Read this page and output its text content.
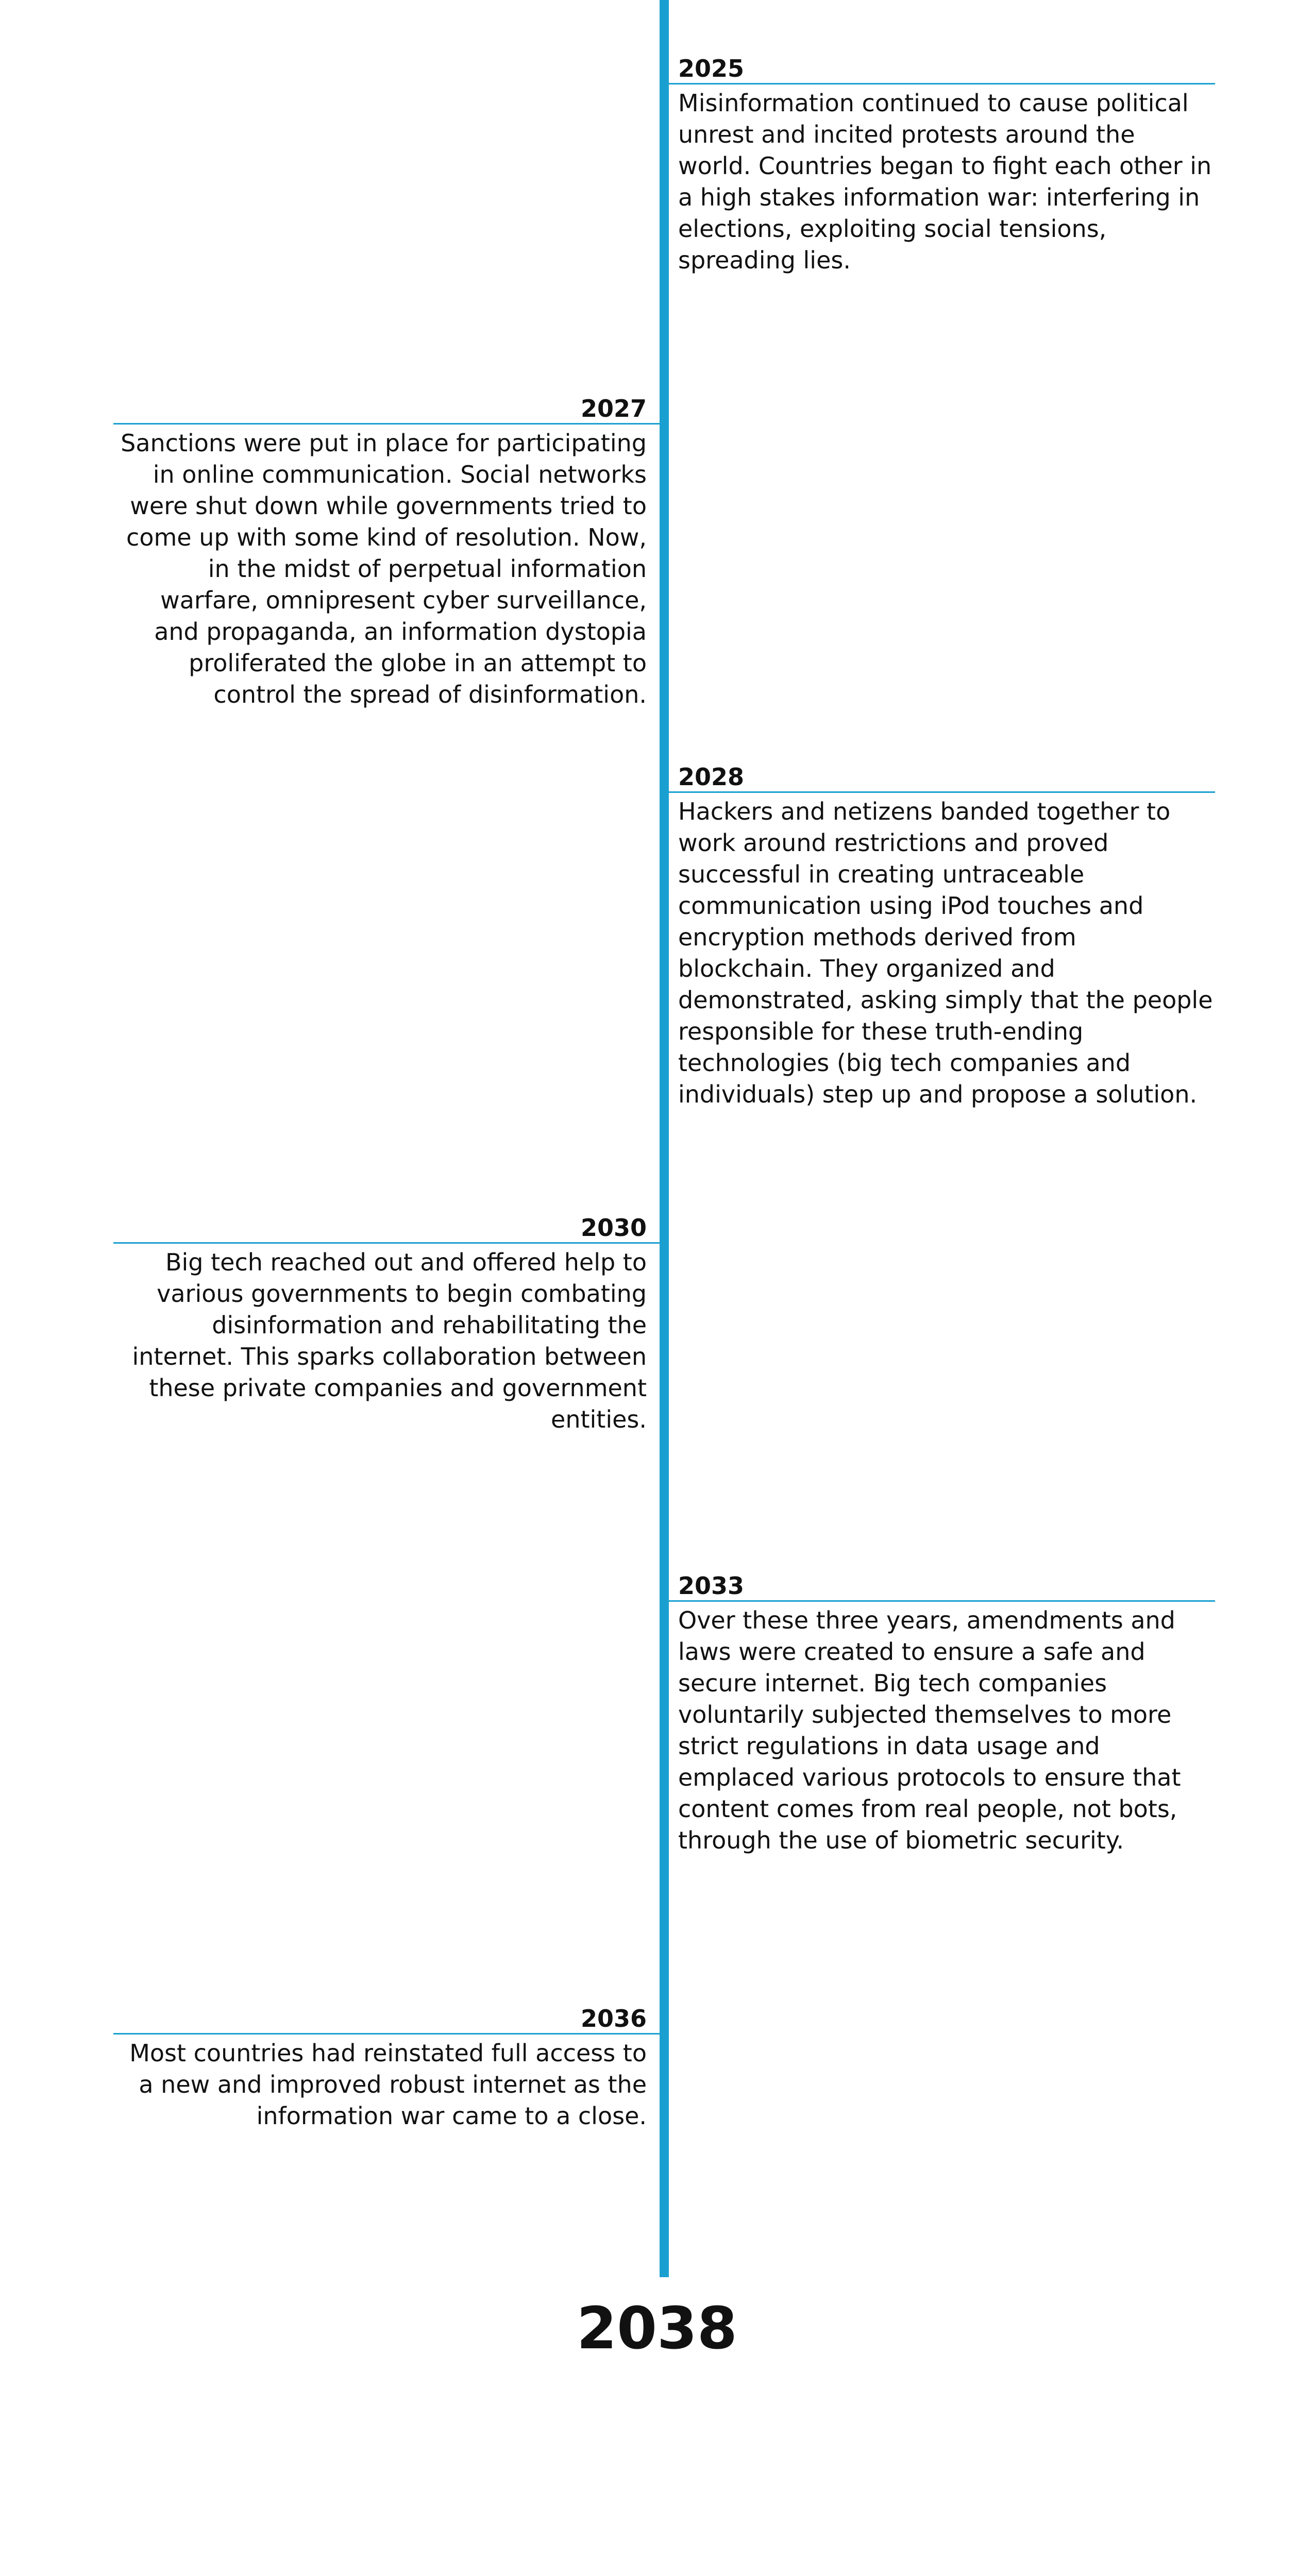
2025
Misinformation continued to cause political unrest and incited protests around the world. Countries began to fight each other in a high stakes information war: interfering in elections, exploiting social tensions, spreading lies.
2027
Sanctions were put in place for participating in online communication. Social networks were shut down while governments tried to come up with some kind of resolution. Now, in the midst of perpetual information warfare, omnipresent cyber surveillance, and propaganda, an information dystopia proliferated the globe in an attempt to control the spread of disinformation.
2028
Hackers and netizens banded together to work around restrictions and proved successful in creating untraceable communication using iPod touches and encryption methods derived from blockchain. They organized and demonstrated, asking simply that the people responsible for these truth-ending technologies (big tech companies and individuals) step up and propose a solution.
2030
Big tech reached out and offered help to various governments to begin combating disinformation and rehabilitating the internet. This sparks collaboration between these private companies and government entities.
2033
Over these three years, amendments and laws were created to ensure a safe and secure internet. Big tech companies voluntarily subjected themselves to more strict regulations in data usage and emplaced various protocols to ensure that content comes from real people, not bots, through the use of biometric security.
2036
Most countries had reinstated full access to a new and improved robust internet as the information war came to a close.
2038
